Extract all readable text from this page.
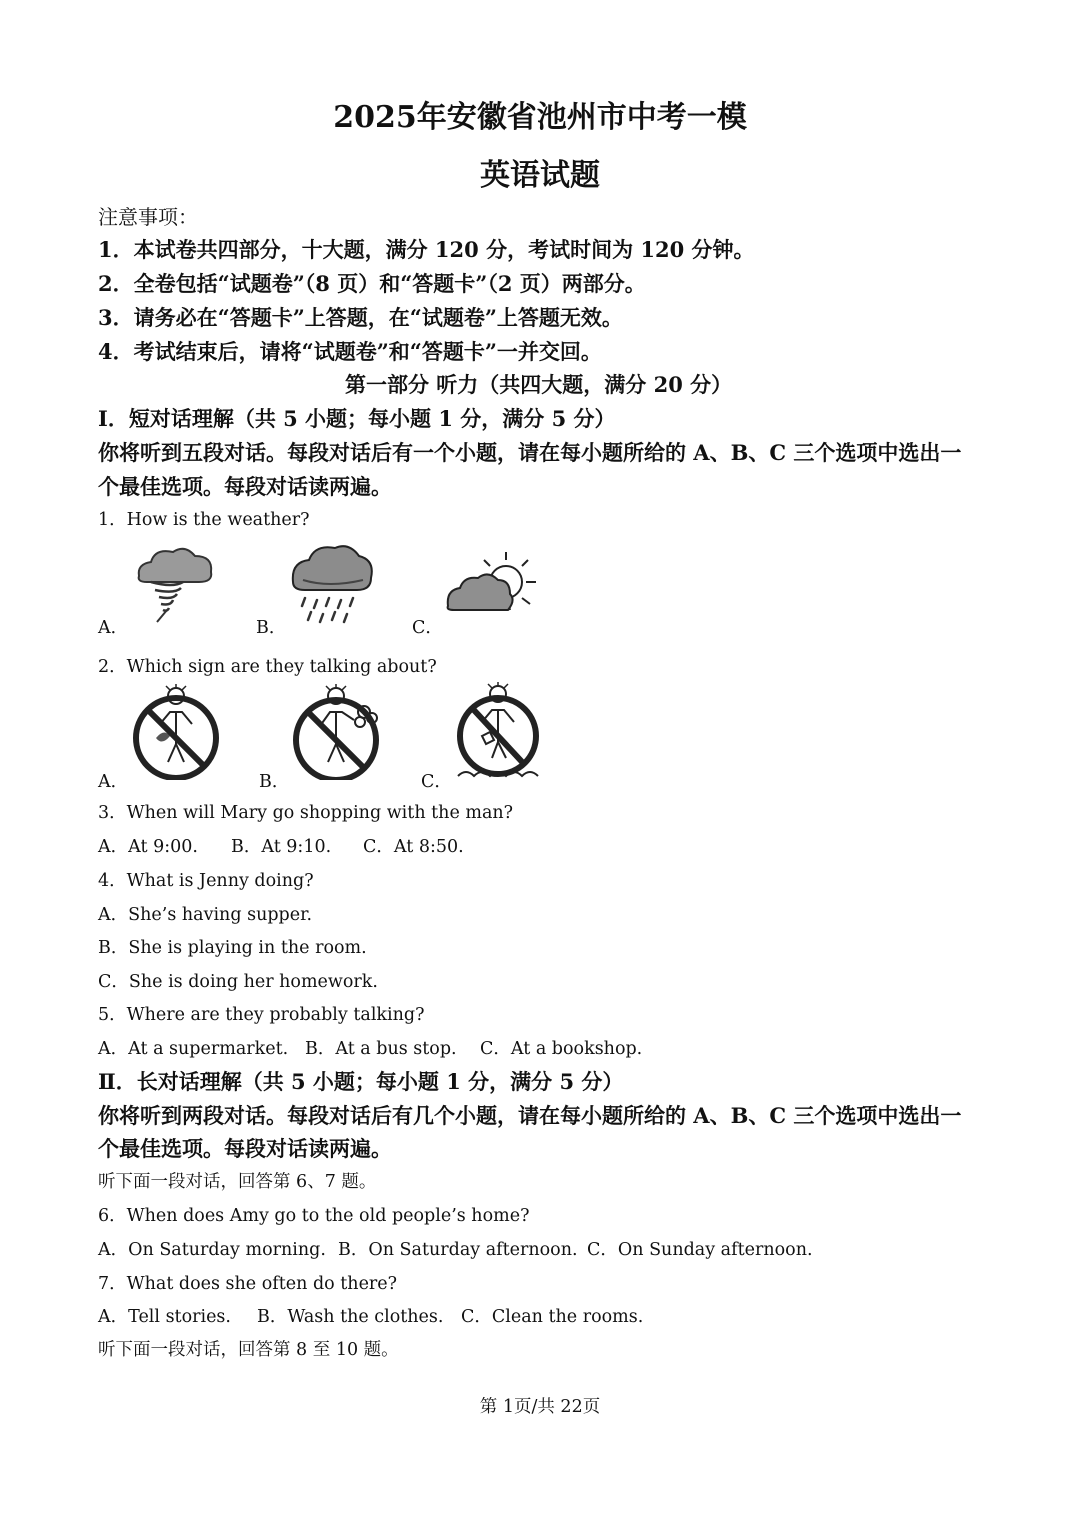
2025年安徽省池州市中考一模
英语试题
注意事项：
1．本试卷共四部分，十大题，满分 120 分，考试时间为 120 分钟。
2．全卷包括“试题卷”（8 页）和“答题卡”（2 页）两部分。
3．请务必在“答题卡”上答题，在“试题卷”上答题无效。
4．考试结束后，请将“试题卷”和“答题卡”一并交回。
第一部分 听力（共四大题，满分 20 分）
Ⅰ．短对话理解（共 5 小题；每小题 1 分，满分 5 分）
你将听到五段对话。每段对话后有一个小题，请在每小题所给的 A、B、C 三个选项中选出一
个最佳选项。每段对话读两遍。
1．How is the weather?
A．	B．	C．
2．Which sign are they talking about?
A．	B．	C．
3．When will Mary go shopping with the man?
A．At 9:00. B．At 9:10. C．At 8:50.
4．What is Jenny doing?
A．She’s having supper.
B．She is playing in the room.
C．She is doing her homework.
5．Where are they probably talking?
A．At a supermarket. B．At a bus stop. C．At a bookshop.
Ⅱ．长对话理解（共 5 小题；每小题 1 分，满分 5 分）
你将听到两段对话。每段对话后有几个小题，请在每小题所给的 A、B、C 三个选项中选出一
个最佳选项。每段对话读两遍。
听下面一段对话，回答第 6、7 题。
6．When does Amy go to the old people’s home?
A．On Saturday morning. B．On Saturday afternoon. C．On Sunday afternoon.
7．What does she often do there?
A．Tell stories. B．Wash the clothes. C．Clean the rooms.
听下面一段对话，回答第 8 至 10 题。
第 1页/共 22页
